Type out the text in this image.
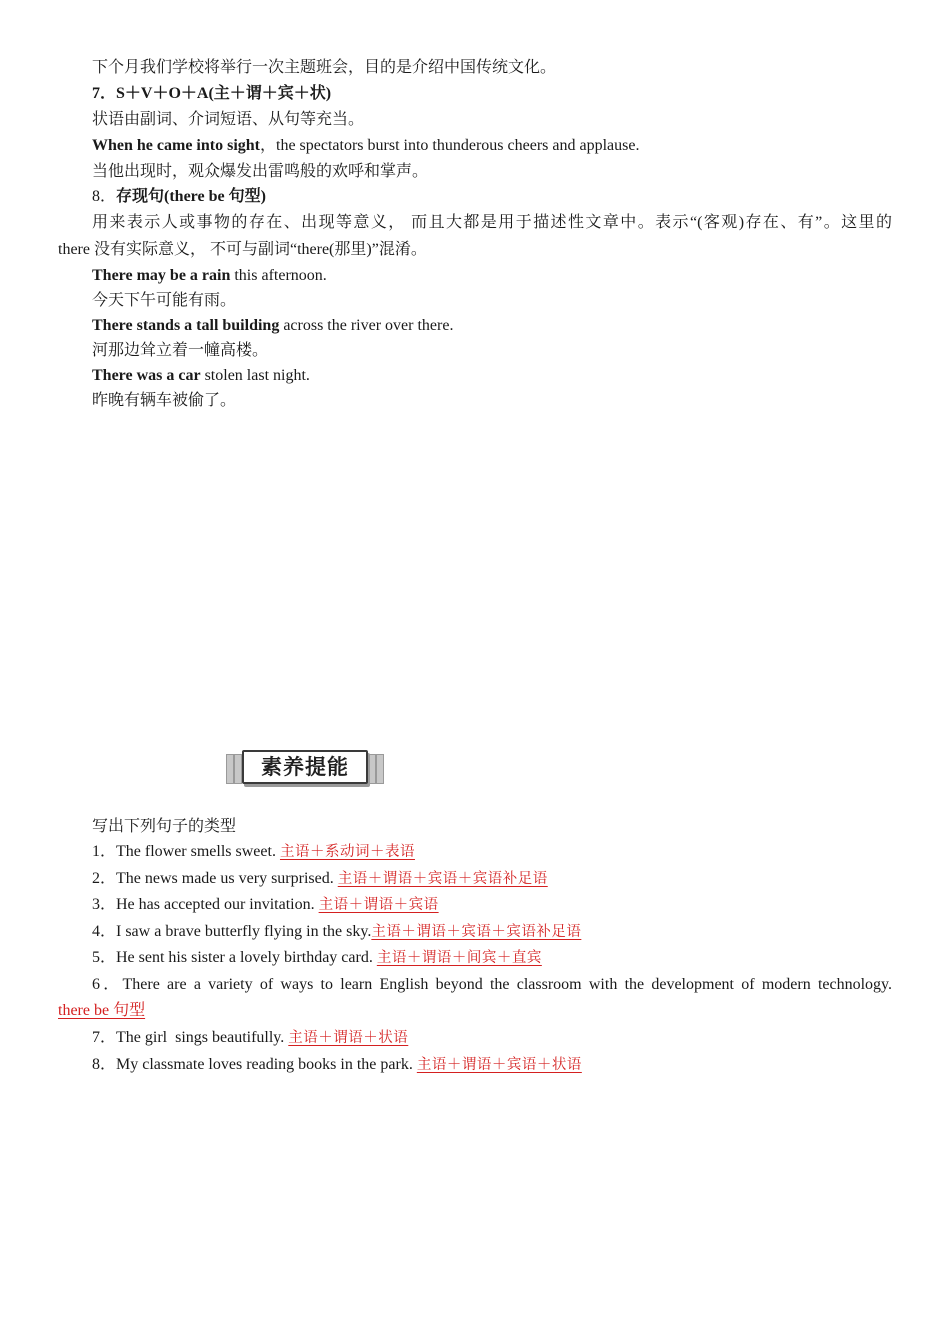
下个月我们学校将举行一次主题班会，目的是介绍中国传统文化。
7．S＋V＋O＋A(主＋谓＋宾＋状)
状语由副词、介词短语、从句等充当。
When he came into sight，the spectators burst into thunderous cheers and applause.
当他出现时，观众爆发出雷鸣般的欢呼和掌声。
8．存现句(there be 句型)
用来表示人或事物的存在、出现等意义， 而且大都是用于描述性文章中。表示“(客观)存在、有”。这里的
there 没有实际意义， 不可与副词“there(那里)”混淆。
There may be a rain this afternoon.
今天下午可能有雨。
There stands a tall building across the river over there.
河那边耸立着一幢高楼。
There was a car stolen last night.
昨晚有辆车被偷了。
素养提能
写出下列句子的类型
1．The flower smells sweet. 主语＋系动词＋表语
2．The news made us very surprised. 主语＋谓语＋宾语＋宾语补足语
3．He has accepted our invitation. 主语＋谓语＋宾语
4．I saw a brave butterfly flying in the sky.主语＋谓语＋宾语＋宾语补足语
5．He sent his sister a lovely birthday card. 主语＋谓语＋间宾＋直宾
6．There are a variety of ways to learn English beyond the classroom with the development of modern technology.
there be 句型
7．The girl  sings beautifully. 主语＋谓语＋状语
8．My classmate loves reading books in the park. 主语＋谓语＋宾语＋状语
